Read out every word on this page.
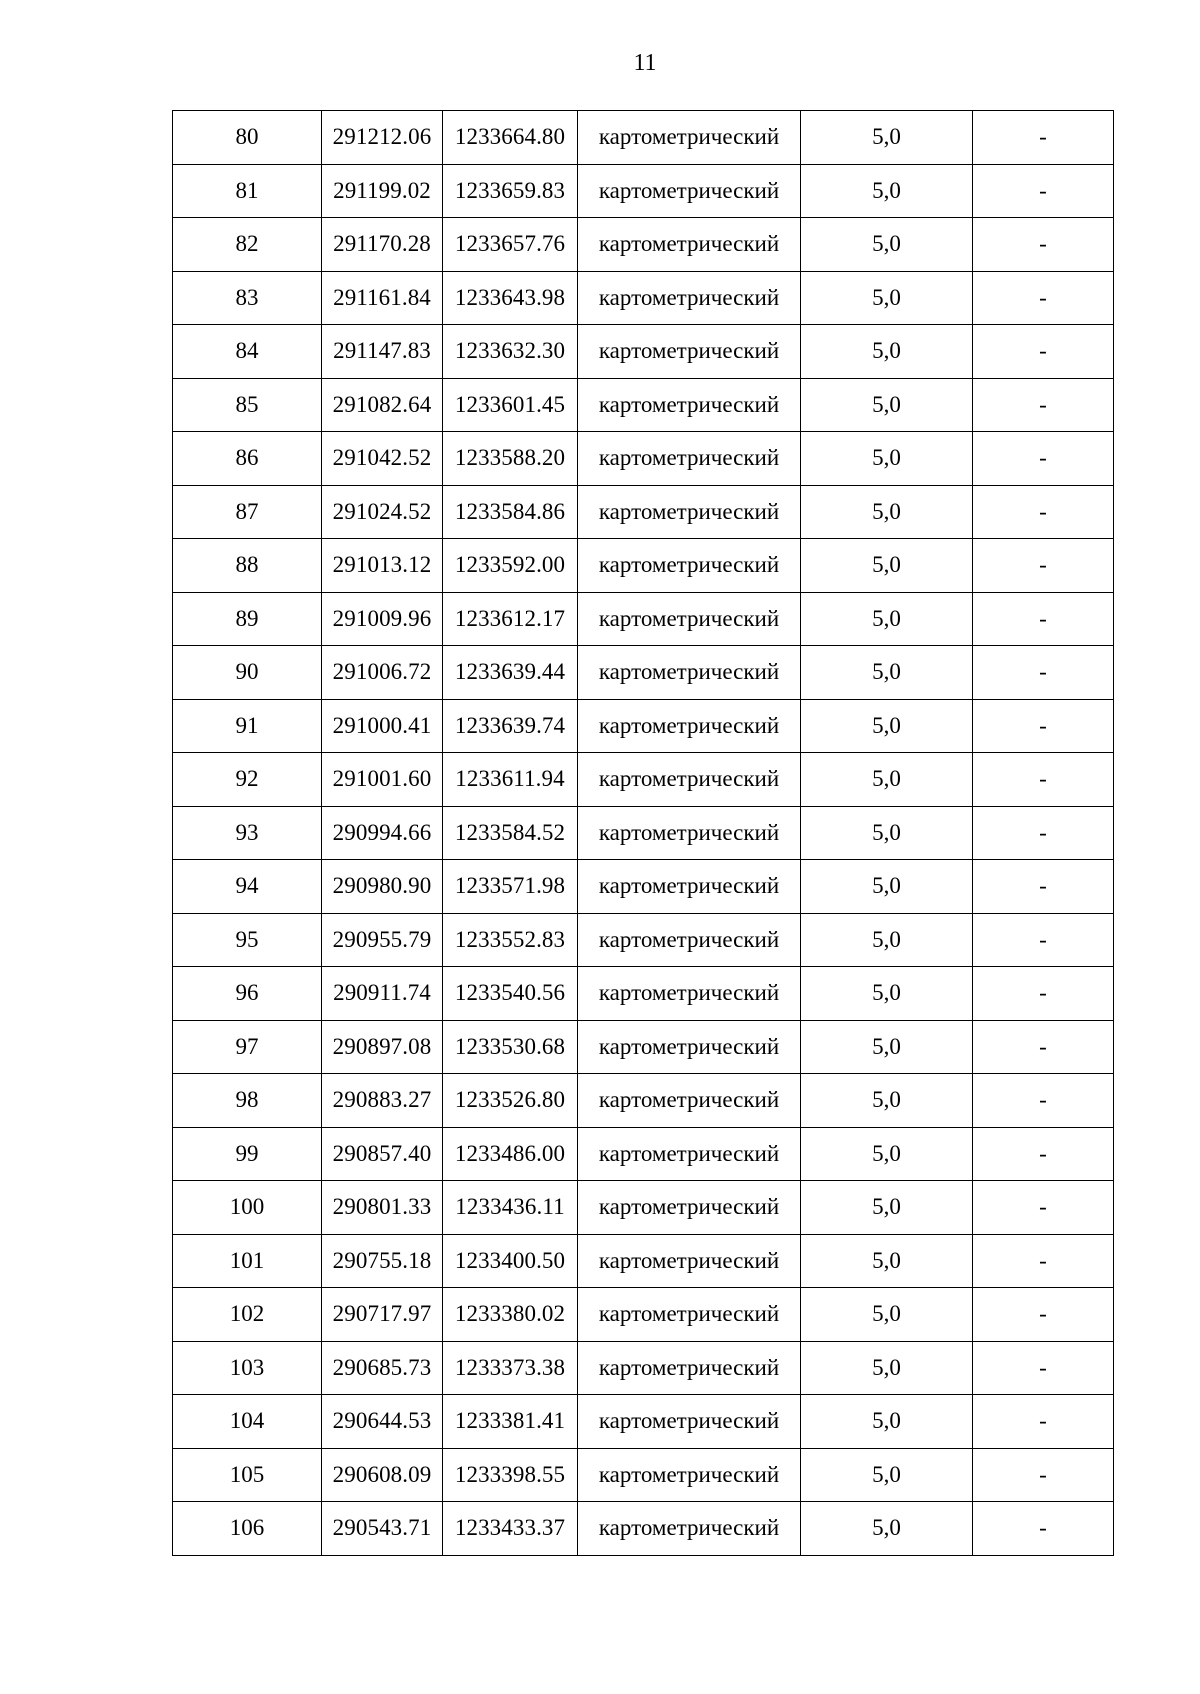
11
80	291212.06	1233664.80	картометрический	5,0	-
81	291199.02	1233659.83	картометрический	5,0	-
82	291170.28	1233657.76	картометрический	5,0	-
83	291161.84	1233643.98	картометрический	5,0	-
84	291147.83	1233632.30	картометрический	5,0	-
85	291082.64	1233601.45	картометрический	5,0	-
86	291042.52	1233588.20	картометрический	5,0	-
87	291024.52	1233584.86	картометрический	5,0	-
88	291013.12	1233592.00	картометрический	5,0	-
89	291009.96	1233612.17	картометрический	5,0	-
90	291006.72	1233639.44	картометрический	5,0	-
91	291000.41	1233639.74	картометрический	5,0	-
92	291001.60	1233611.94	картометрический	5,0	-
93	290994.66	1233584.52	картометрический	5,0	-
94	290980.90	1233571.98	картометрический	5,0	-
95	290955.79	1233552.83	картометрический	5,0	-
96	290911.74	1233540.56	картометрический	5,0	-
97	290897.08	1233530.68	картометрический	5,0	-
98	290883.27	1233526.80	картометрический	5,0	-
99	290857.40	1233486.00	картометрический	5,0	-
100	290801.33	1233436.11	картометрический	5,0	-
101	290755.18	1233400.50	картометрический	5,0	-
102	290717.97	1233380.02	картометрический	5,0	-
103	290685.73	1233373.38	картометрический	5,0	-
104	290644.53	1233381.41	картометрический	5,0	-
105	290608.09	1233398.55	картометрический	5,0	-
106	290543.71	1233433.37	картометрический	5,0	-
